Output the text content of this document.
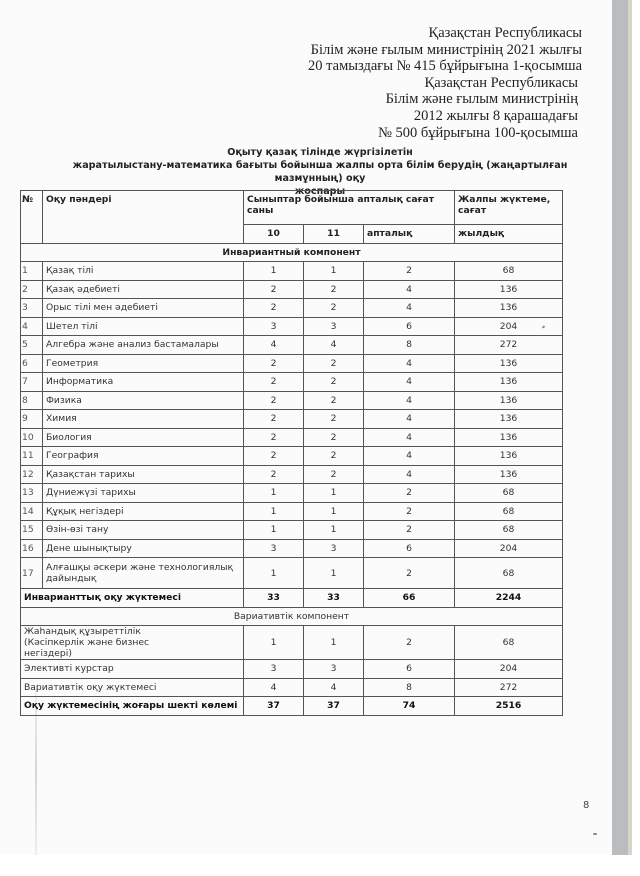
Қазақстан Республикасы
Білім және ғылым министрінің 2021 жылғы
20 тамыздағы № 415 бұйрығына 1-қосымша
Қазақстан Республикасы
Білім және ғылым министрінің
2012 жылғы 8 қарашадағы
№ 500 бұйрығына 100-қосымша
Оқыту қазақ тілінде жүргізілетін
жаратылыстану-математика бағыты бойынша жалпы орта білім берудің (жаңартылған мазмұнның) оқу
жоспары
№	Оқу пәндері	Сыныптар бойынша апталық сағат саны			Жалпы жүктеме, сағат
		10	11	апталық	жылдық
Инвариантный компонент					
1	Қазақ тілі	1	1	2	68
2	Қазақ әдебиеті	2	2	4	136
3	Орыс тілі мен әдебиеті	2	2	4	136
4	Шетел тілі	3	3	6	204
5	Алгебра және анализ бастамалары	4	4	8	272
6	Геометрия	2	2	4	136
7	Информатика	2	2	4	136
8	Физика	2	2	4	136
9	Химия	2	2	4	136
10	Биология	2	2	4	136
11	География	2	2	4	136
12	Қазақстан тарихы	2	2	4	136
13	Дүниежүзі тарихы	1	1	2	68
14	Құқық негіздері	1	1	2	68
15	Өзін-өзі тану	1	1	2	68
16	Дене шынықтыру	3	3	6	204
17	Алғашқы әскери және технологиялық дайындық	1	1	2	68
Инварианттық оқу жүктемесі		33	33	66	2244
Вариативтік компонент					
Жаһандық құзыреттілік (Кәсіпкерлік және бизнес негіздері)		1	1	2	68
Элективті курстар		3	3	6	204
Вариативтік оқу жүктемесі		4	4	8	272
Оқу жүктемесінің жоғары шекті көлемі		37	37	74	2516
8
